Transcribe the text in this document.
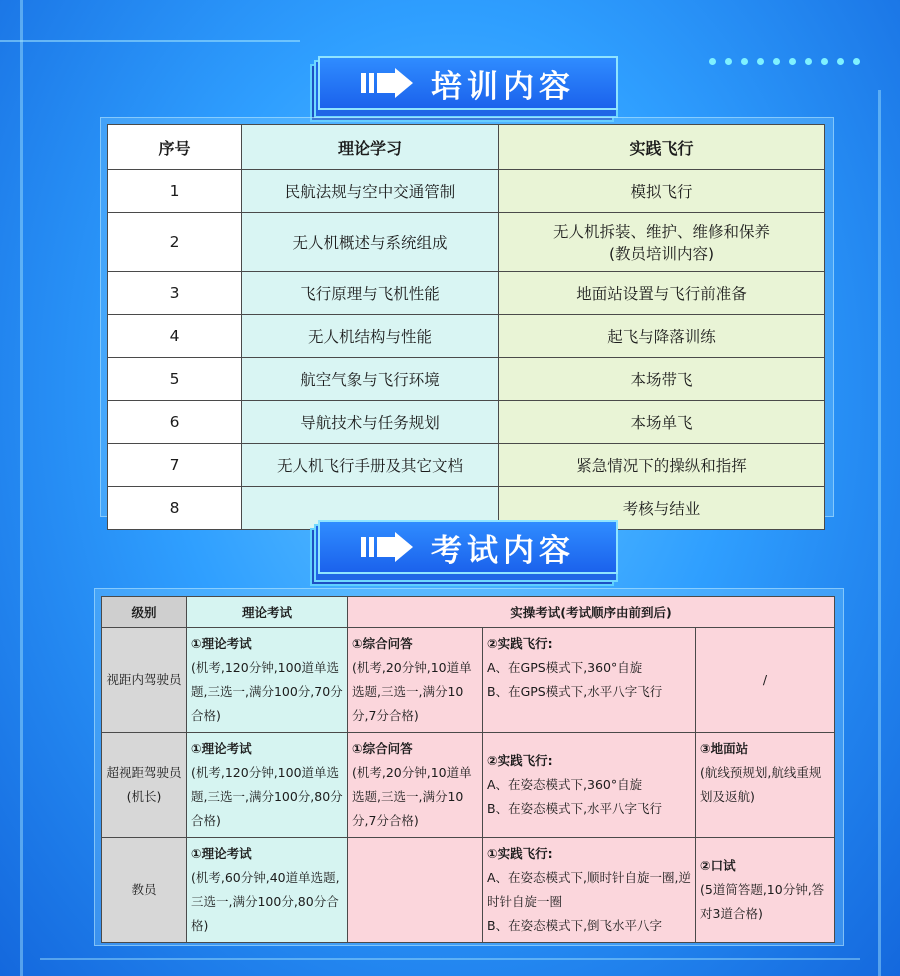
培训内容
序号	理论学习	实践飞行
1	民航法规与空中交通管制	模拟飞行
2	无人机概述与系统组成	无人机拆装、维护、维修和保养
(教员培训内容)

3	飞行原理与飞机性能	地面站设置与飞行前准备
4	无人机结构与性能	起飞与降落训练
5	航空气象与飞行环境	本场带飞
6	导航技术与任务规划	本场单飞
7	无人机飞行手册及其它文档	紧急情况下的操纵和指挥
8		考核与结业
考试内容
级别	理论考试	实操考试(考试顺序由前到后)		
视距内驾驶员	①理论考试
(机考,120分钟,100道单选题,三选一,满分100分,70分合格)	①综合问答
(机考,20分钟,10道单选题,三选一,满分10分,7分合格)	②实践飞行:
A、在GPS模式下,360°自旋
B、在GPS模式下,水平八字飞行	/

超视距驾驶员
(机长)	①理论考试
(机考,120分钟,100道单选题,三选一,满分100分,80分合格)	①综合问答
(机考,20分钟,10道单选题,三选一,满分10分,7分合格)	②实践飞行:
A、在姿态模式下,360°自旋
B、在姿态模式下,水平八字飞行	③地面站
(航线预规划,航线重规划及返航)

教员	①理论考试
(机考,60分钟,40道单选题,三选一,满分100分,80分合格)		①实践飞行:
A、在姿态模式下,顺时针自旋一圈,逆时针自旋一圈
B、在姿态模式下,倒飞水平八字	②口试
(5道简答题,10分钟,答对3道合格)
